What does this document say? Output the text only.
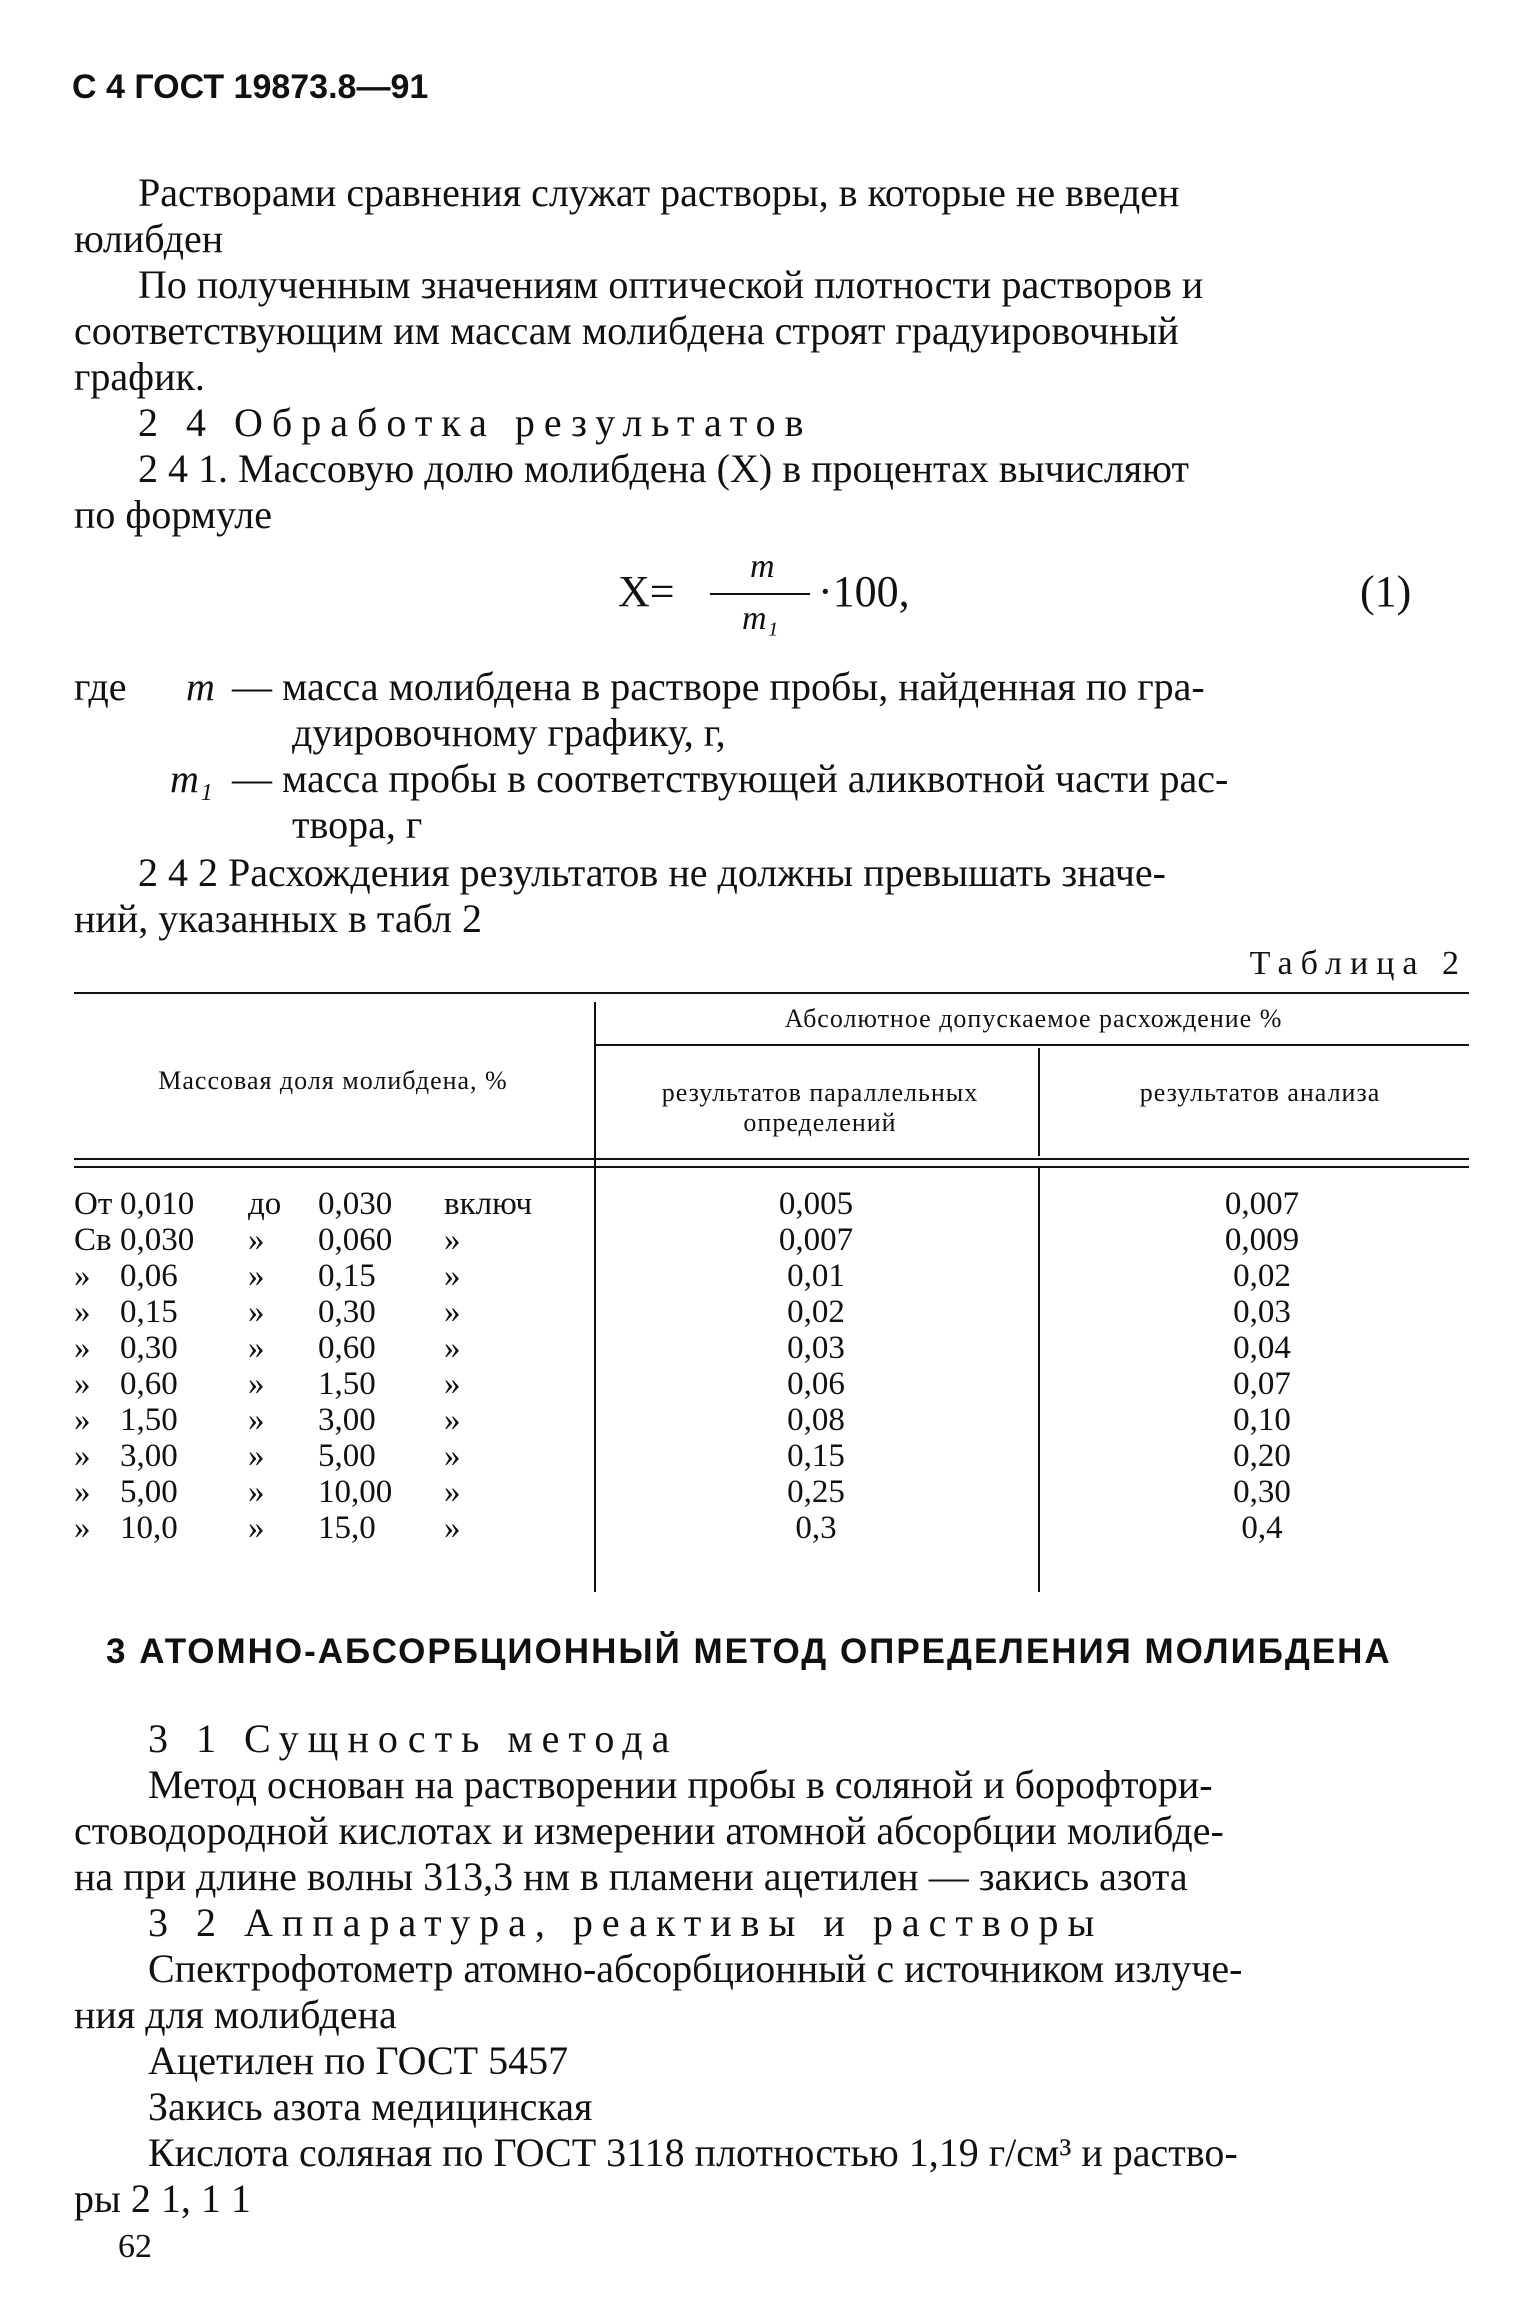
С 4 ГОСТ 19873.8—91
Растворами сравнения служат растворы, в которые не введен
юлибден
По полученным значениям оптической плотности растворов и
соответствующим им массам молибдена строят градуировочный
график.
2 4 Обработка результатов
2 4 1. Массовую долю молибдена (X) в процентах вычисляют
по формуле
X=
m
m₁
·100,	(1)
где m — масса молибдена в растворе пробы, найденная по гра-
дуировочному графику, г,
m₁ — масса пробы в соответствующей аликвотной части рас-
твора, г
2 4 2 Расхождения результатов не должны превышать значе-
ний, указанных в табл 2
Таблица 2
Массовая доля молибдена, %
Абсолютное допускаемое расхождение %
результатов параллельных определений
результатов анализа
От 0,010 до 0,030 включ	0,005	0,007
Св 0,030 » 0,060 »	0,007	0,009
» 0,06 » 0,15 »	0,01	0,02
» 0,15 » 0,30 »	0,02	0,03
» 0,30 » 0,60 »	0,03	0,04
» 0,60 » 1,50 »	0,06	0,07
» 1,50 » 3,00 »	0,08	0,10
» 3,00 » 5,00 »	0,15	0,20
» 5,00 » 10,00 »	0,25	0,30
» 10,0 » 15,0 »	0,3	0,4
3 АТОМНО-АБСОРБЦИОННЫЙ МЕТОД ОПРЕДЕЛЕНИЯ МОЛИБДЕНА
3 1 Сущность метода
Метод основан на растворении пробы в соляной и борофтори-
стоводородной кислотах и измерении атомной абсорбции молибде-
на при длине волны 313,3 нм в пламени ацетилен — закись азота
3 2 Аппаратура, реактивы и растворы
Спектрофотометр атомно-абсорбционный с источником излуче-
ния для молибдена
Ацетилен по ГОСТ 5457
Закись азота медицинская
Кислота соляная по ГОСТ 3118 плотностью 1,19 г/см³ и раство-
ры 2 1, 1 1
62
